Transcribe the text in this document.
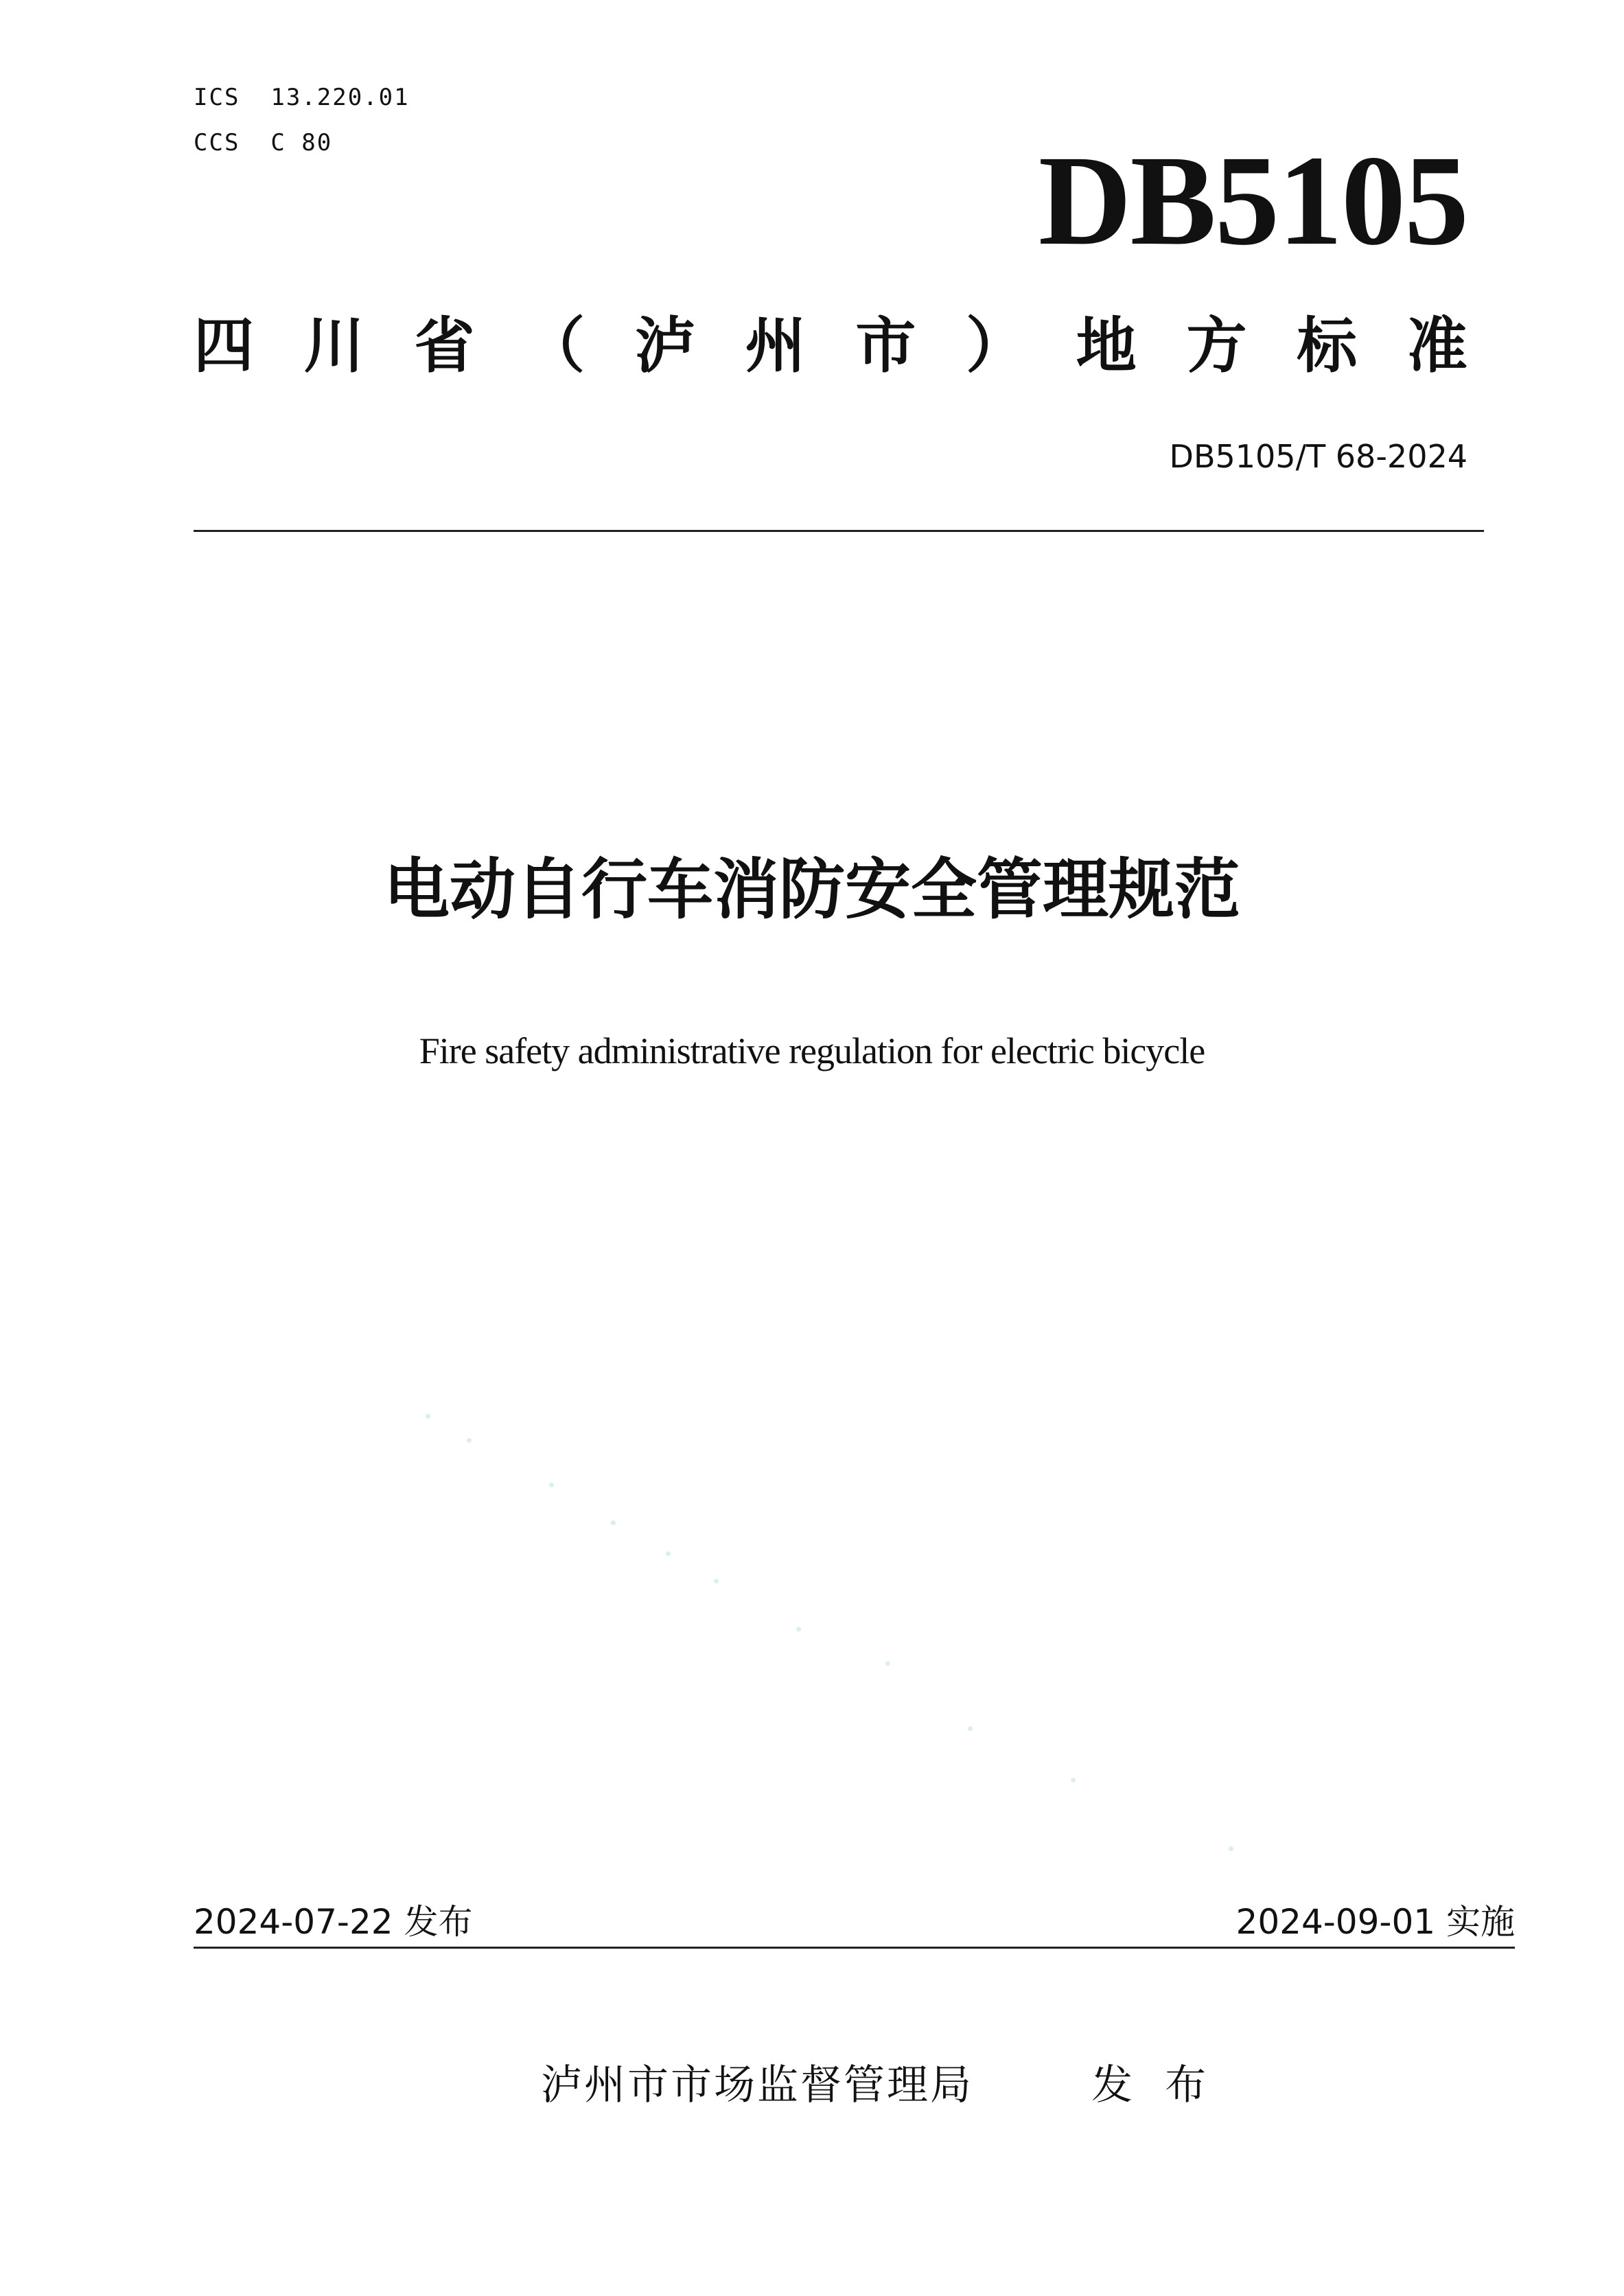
ICS  13.220.01
CCS  C 80	DB5105
四 川 省 （ 泸 州 市 ） 地 方 标 准
DB5105/T 68-2024
电动自行车消防安全管理规范
Fire safety administrative regulation for electric bicycle
2024-07-22 发布	2024-09-01 实施
泸州市市场监督管理局	发  布
